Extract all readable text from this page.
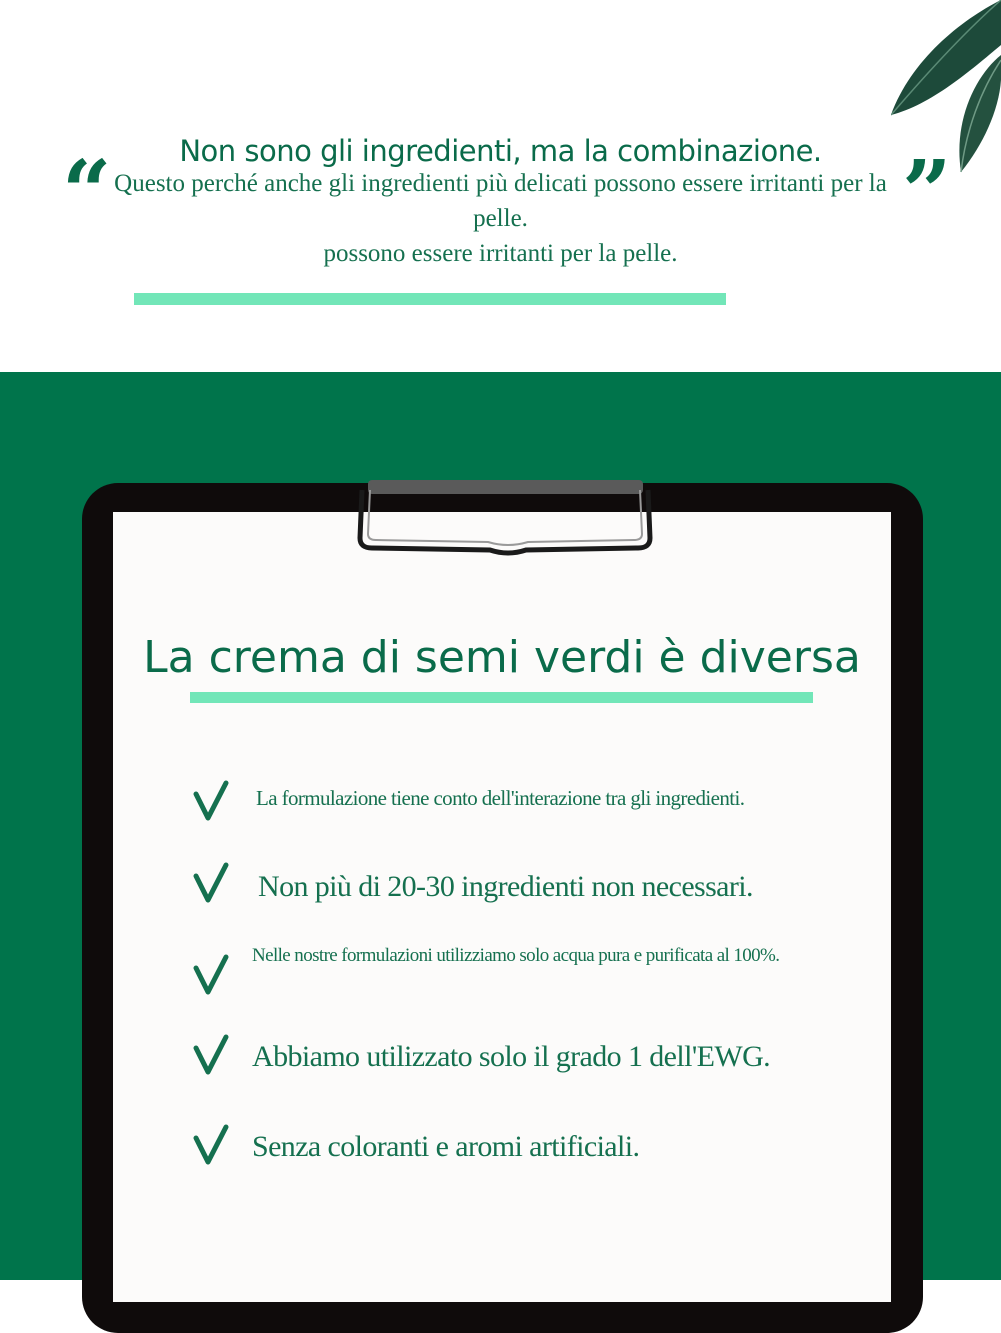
Non sono gli ingredienti, ma la combinazione.
“	”
Questo perché anche gli ingredienti più delicati possono essere irritanti per la pelle.
possono essere irritanti per la pelle.
La crema di semi verdi è diversa
La formulazione tiene conto dell'interazione tra gli ingredienti.
Non più di 20-30 ingredienti non necessari.
Nelle nostre formulazioni utilizziamo solo acqua pura e purificata al 100%.
Abbiamo utilizzato solo il grado 1 dell'EWG.
Senza coloranti e aromi artificiali.
